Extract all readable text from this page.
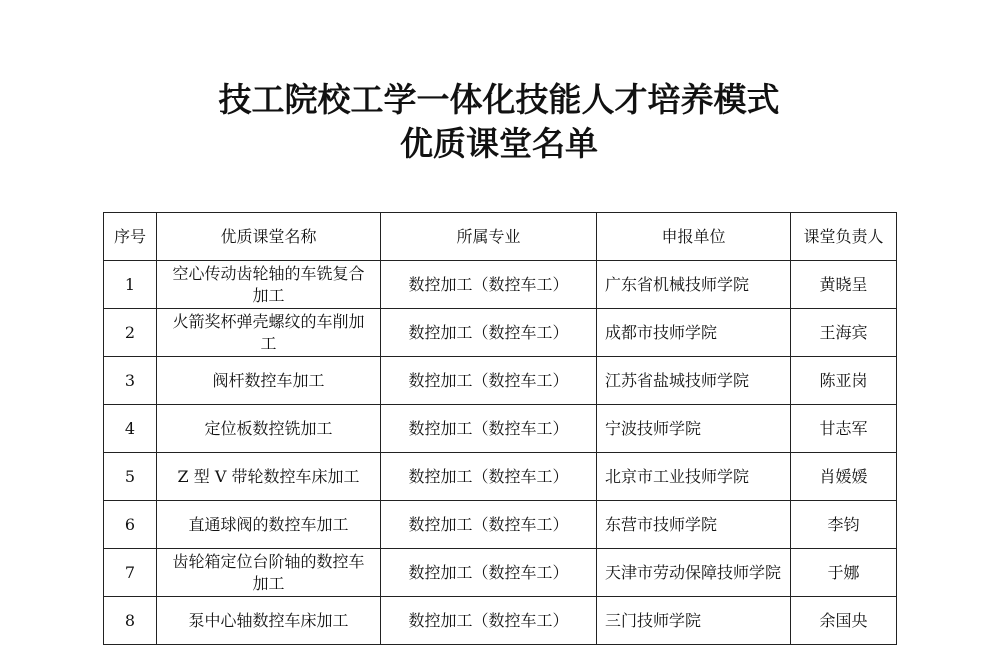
技工院校工学一体化技能人才培养模式
优质课堂名单
序号	优质课堂名称	所属专业	申报单位	课堂负责人
1	空心传动齿轮轴的车铣复合加工	数控加工（数控车工）	广东省机械技师学院	黄晓呈
2	火箭奖杯弹壳螺纹的车削加工	数控加工（数控车工）	成都市技师学院	王海宾
3	阀杆数控车加工	数控加工（数控车工）	江苏省盐城技师学院	陈亚岗
4	定位板数控铣加工	数控加工（数控车工）	宁波技师学院	甘志军
5	Z 型 V 带轮数控车床加工	数控加工（数控车工）	北京市工业技师学院	肖媛媛
6	直通球阀的数控车加工	数控加工（数控车工）	东营市技师学院	李钧
7	齿轮箱定位台阶轴的数控车加工	数控加工（数控车工）	天津市劳动保障技师学院	于娜
8	泵中心轴数控车床加工	数控加工（数控车工）	三门技师学院	余国央
